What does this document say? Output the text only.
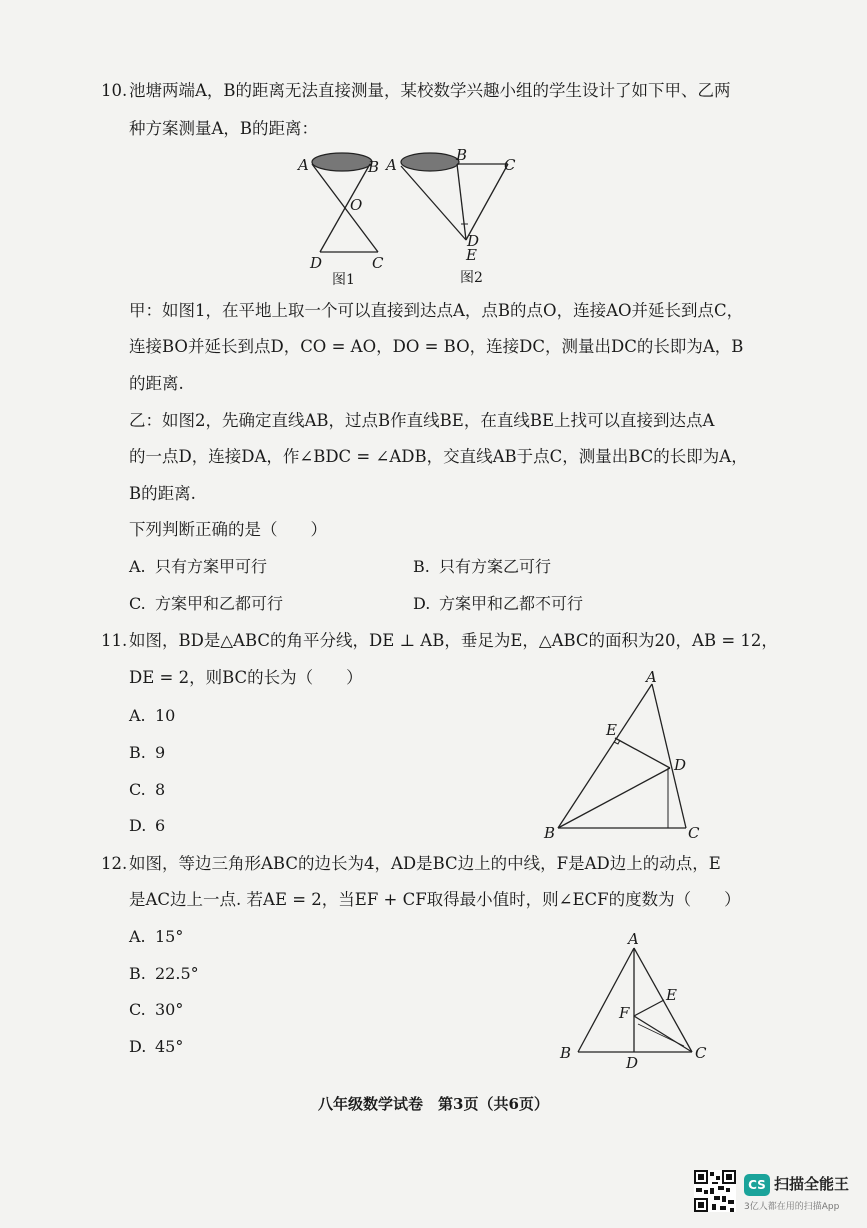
10. 池塘两端A，B的距离无法直接测量，某校数学兴趣小组的学生设计了如下甲、乙两
种方案测量A，B的距离：
A	B
O
D	C
图1
A
B
C
D
E
图2
甲：如图1，在平地上取一个可以直接到达点A，点B的点O，连接AO并延长到点C，
连接BO并延长到点D，CO = AO，DO = BO，连接DC，测量出DC的长即为A，B
的距离.
乙：如图2，先确定直线AB，过点B作直线BE，在直线BE上找可以直接到达点A
的一点D，连接DA，作∠BDC = ∠ADB，交直线AB于点C，测量出BC的长即为A，
B的距离.
下列判断正确的是（　　）
A. 只有方案甲可行	B. 只有方案乙可行
C. 方案甲和乙都可行	D. 方案甲和乙都不可行
11. 如图，BD是△ABC的角平分线，DE ⊥ AB，垂足为E，△ABC的面积为20，AB = 12，
DE = 2，则BC的长为（　　）
A. 10
B. 9
C. 8
D. 6
A
E
D
B	C
12. 如图，等边三角形ABC的边长为4，AD是BC边上的中线，F是AD边上的动点，E
是AC边上一点. 若AE = 2，当EF + CF取得最小值时，则∠ECF的度数为（　　）
A. 15°
B. 22.5°
C. 30°
D. 45°
A
E
F
B
D
C
八年级数学试卷　第3页（共6页）
CS 扫描全能王
3亿人都在用的扫描App
